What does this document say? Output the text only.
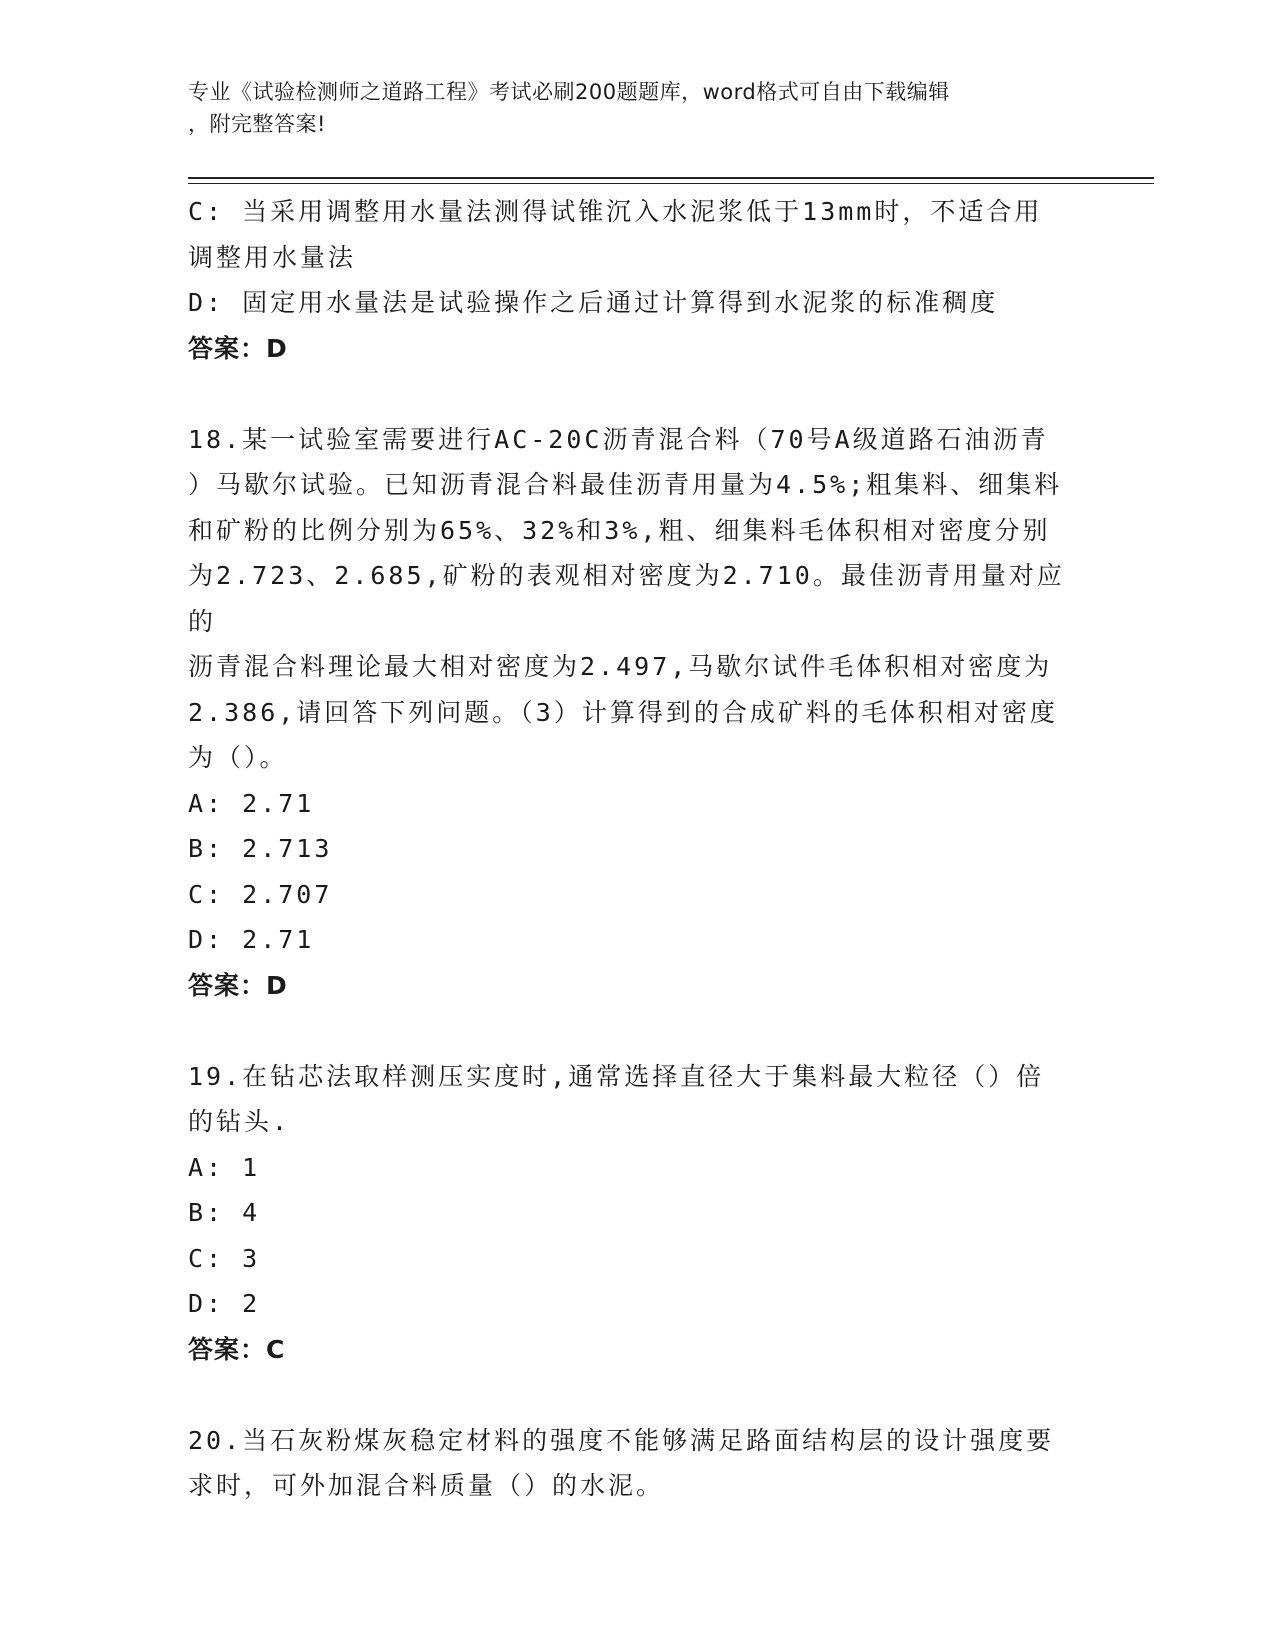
专业《试验检测师之道路工程》考试必刷200题题库，word格式可自由下载编辑
，附完整答案!

C: 当采用调整用水量法测得试锥沉入水泥浆低于13mm时，不适合用

调整用水量法

D: 固定用水量法是试验操作之后通过计算得到水泥浆的标准稠度

答案：D

18.某一试验室需要进行AC-20C沥青混合料（70号A级道路石油沥青

）马歇尔试验。已知沥青混合料最佳沥青用量为4.5%;粗集料、细集料

和矿粉的比例分别为65%、32%和3%,粗、细集料毛体积相对密度分别

为2.723、2.685,矿粉的表观相对密度为2.710。最佳沥青用量对应的

沥青混合料理论最大相对密度为2.497,马歇尔试件毛体积相对密度为

2.386,请回答下列问题。（3）计算得到的合成矿料的毛体积相对密度

为（）。

A: 2.71

B: 2.713

C: 2.707

D: 2.71

答案：D

19.在钻芯法取样测压实度时,通常选择直径大于集料最大粒径（）倍

的钻头.

A: 1

B: 4

C: 3

D: 2

答案：C

20.当石灰粉煤灰稳定材料的强度不能够满足路面结构层的设计强度要

求时，可外加混合料质量（）的水泥。
